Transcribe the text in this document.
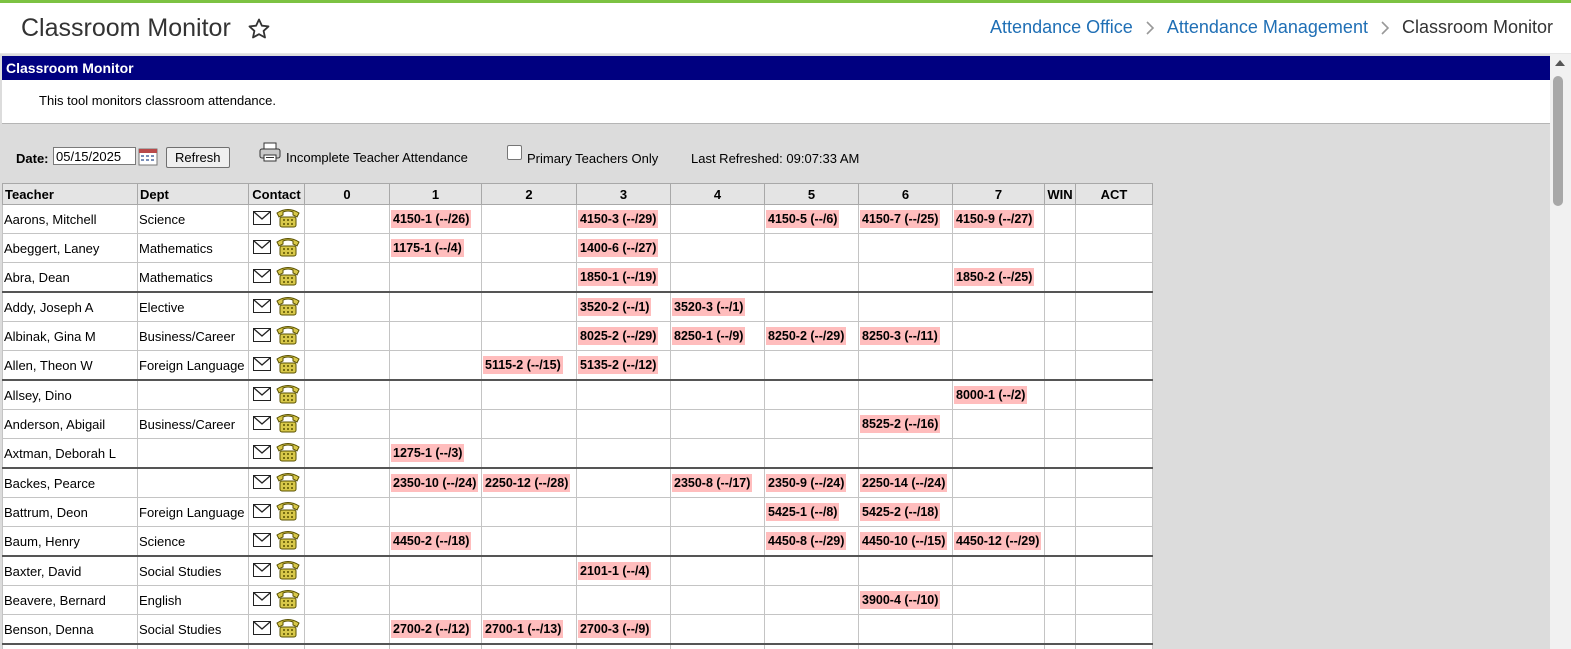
Classroom Monitor	Attendance Office Attendance Management Classroom Monitor
Classroom Monitor
This tool monitors classroom attendance.
Date:
05/15/2025	Refresh	Incomplete Teacher Attendance	Primary Teachers Only	Last Refreshed: 09:07:33 AM
Teacher	Dept	Contact	0	1	2	3	4	5	6	7	WIN	ACT
Aarons, Mitchell	Science			4150-1 (--/26)		4150-3 (--/29)		4150-5 (--/6)	4150-7 (--/25)	4150-9 (--/27)		
Abeggert, Laney	Mathematics			1175-1 (--/4)		1400-6 (--/27)						
Abra, Dean	Mathematics					1850-1 (--/19)				1850-2 (--/25)		
Addy, Joseph A	Elective					3520-2 (--/1)	3520-3 (--/1)					
Albinak, Gina M	Business/Career					8025-2 (--/29)	8250-1 (--/9)	8250-2 (--/29)	8250-3 (--/11)			
Allen, Theon W	Foreign Language				5115-2 (--/15)	5135-2 (--/12)						
Allsey, Dino										8000-1 (--/2)		
Anderson, Abigail	Business/Career								8525-2 (--/16)			
Axtman, Deborah L				1275-1 (--/3)								
Backes, Pearce				2350-10 (--/24)	2250-12 (--/28)		2350-8 (--/17)	2350-9 (--/24)	2250-14 (--/24)			
Battrum, Deon	Foreign Language							5425-1 (--/8)	5425-2 (--/18)			
Baum, Henry	Science			4450-2 (--/18)				4450-8 (--/29)	4450-10 (--/15)	4450-12 (--/29)		
Baxter, David	Social Studies					2101-1 (--/4)						
Beavere, Bernard	English								3900-4 (--/10)			
Benson, Denna	Social Studies			2700-2 (--/12)	2700-1 (--/13)	2700-3 (--/9)						
